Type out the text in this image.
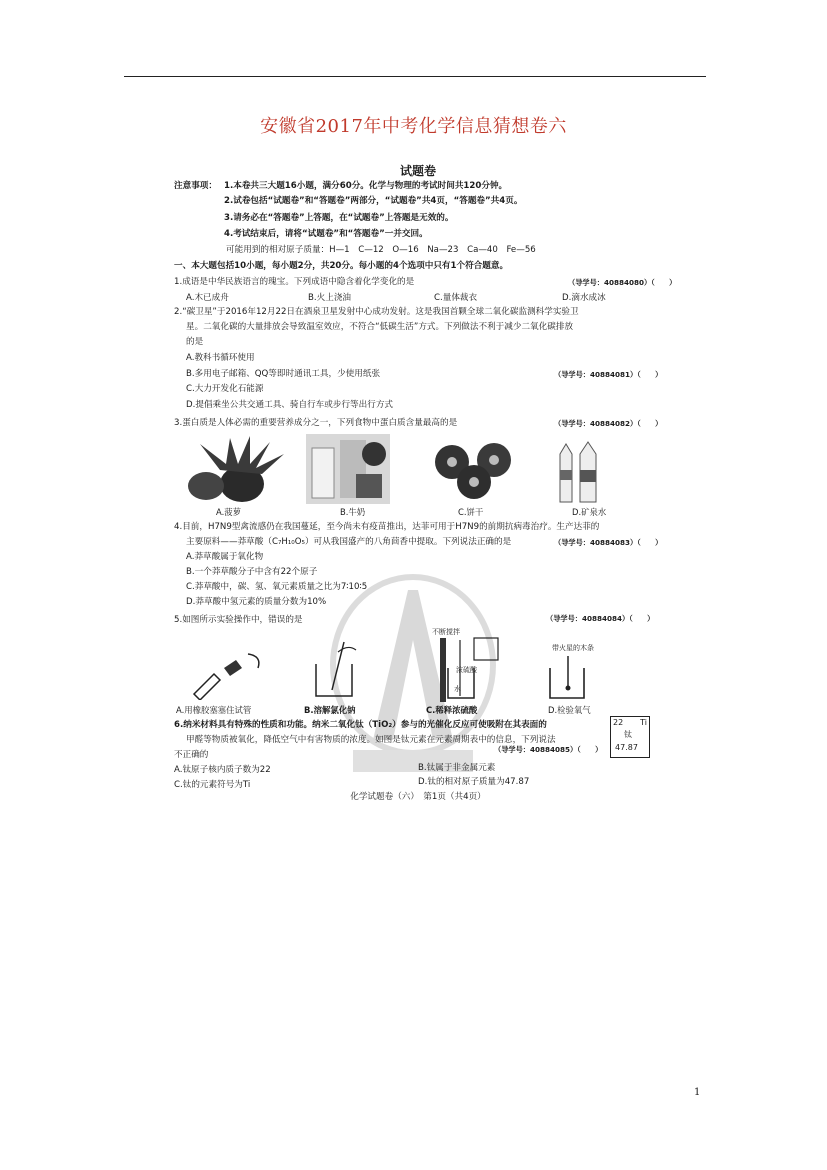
安徽省2017年中考化学信息猜想卷六
试题卷
注意事项： 1.本卷共三大题16小题，满分60分。化学与物理的考试时间共120分钟。
2.试卷包括“试题卷”和“答题卷”两部分，“试题卷”共4页，“答题卷”共4页。
3.请务必在“答题卷”上答题，在“试题卷”上答题是无效的。
4.考试结束后，请将“试题卷”和“答题卷”一并交回。
可能用到的相对原子质量：H—1　C—12　O—16　Na—23　Ca—40　Fe—56
一、本大题包括10小题，每小题2分，共20分。每小题的4个选项中只有1个符合题意。
1.成语是中华民族语言的瑰宝。下列成语中隐含着化学变化的是	（导学号：40884080）（　　）
A.木已成舟	B.火上浇油	C.量体裁衣	D.滴水成冰
2.“碳卫星”于2016年12月22日在酒泉卫星发射中心成功发射。这是我国首颗全球二氧化碳监测科学实验卫
星。二氧化碳的大量排放会导致温室效应，不符合“低碳生活”方式。下列做法不利于减少二氧化碳排放
的是
（导学号：40884081）（　　）
A.教科书循环使用
B.多用电子邮箱、QQ等即时通讯工具，少使用纸张
C.大力开发化石能源
D.提倡乘坐公共交通工具、骑自行车或步行等出行方式
3.蛋白质是人体必需的重要营养成分之一，下列食物中蛋白质含量最高的是	（导学号：40884082）（　　）
A.菠萝	B.牛奶	C.饼干	D.矿泉水
4.目前，H7N9型禽流感仍在我国蔓延，至今尚未有疫苗推出，达菲可用于H7N9的前期抗病毒治疗。生产达菲的
主要原料——莽草酸（C₇H₁₀O₅）可从我国盛产的八角茴香中提取。下列说法正确的是	（导学号：40884083）（　　）
A.莽草酸属于氧化物
B.一个莽草酸分子中含有22个原子
C.莽草酸中，碳、氢、氧元素质量之比为7∶10∶5
D.莽草酸中氢元素的质量分数为10%
5.如图所示实验操作中，错误的是	（导学号：40884084）（　　）
不断搅拌
浓硫酸
水
带火星的木条
A.用橡胶塞塞住试管	B.溶解氯化钠	C.稀释浓硫酸	D.检验氧气
6.纳米材料具有特殊的性质和功能。纳米二氧化钛（TiO₂）参与的光催化反应可使吸附在其表面的
甲醛等物质被氧化，降低空气中有害物质的浓度。如图是钛元素在元素周期表中的信息，下列说法
不正确的
（导学号：40884085）（　　）
A.钛原子核内质子数为22	B.钛属于非金属元素
C.钛的元素符号为Ti	D.钛的相对原子质量为47.87
22 Ti
钛
47.87
化学试题卷（六）　第1页（共4页）
1
